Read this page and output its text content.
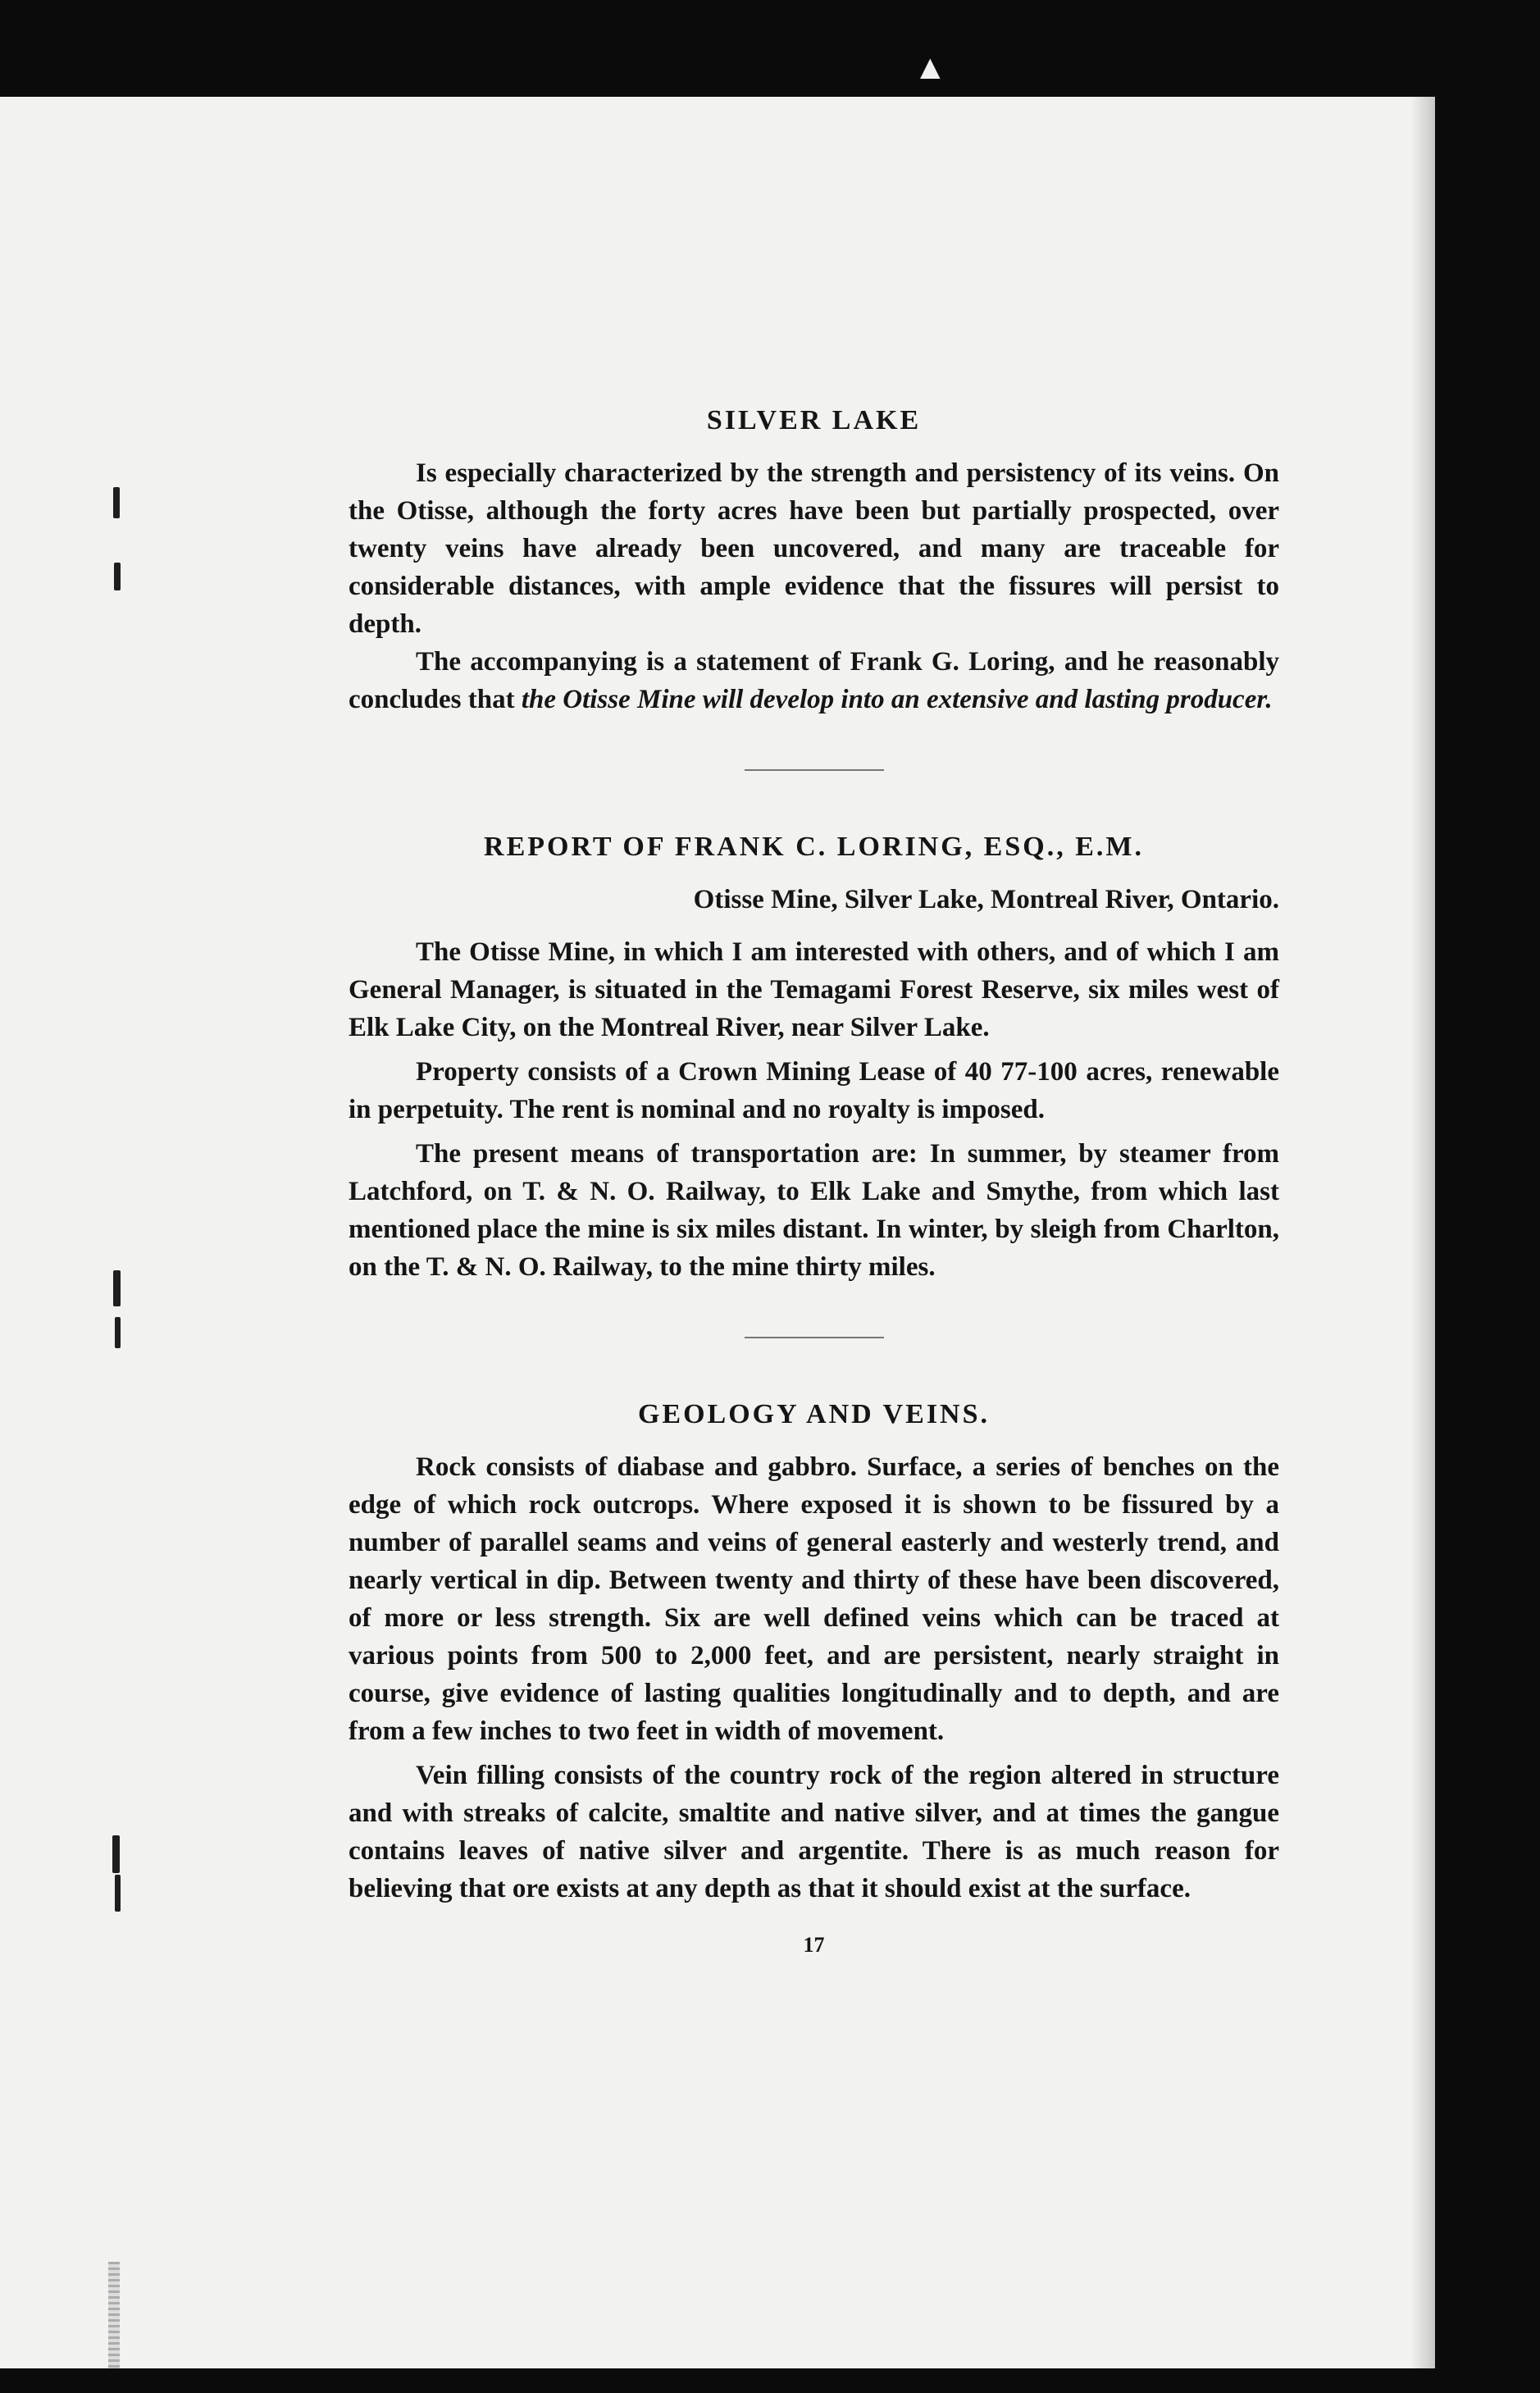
▲
SILVER LAKE

Is especially characterized by the strength and persistency of its veins. On the Otisse, although the forty acres have been but partially prospected, over twenty veins have already been uncovered, and many are traceable for considerable distances, with ample evidence that the fissures will persist to depth.

The accompanying is a statement of Frank G. Loring, and he reasonably concludes that the Otisse Mine will develop into an extensive and lasting producer.

REPORT OF FRANK C. LORING, ESQ., E.M.

Otisse Mine, Silver Lake, Montreal River, Ontario.

The Otisse Mine, in which I am interested with others, and of which I am General Manager, is situated in the Temagami Forest Reserve, six miles west of Elk Lake City, on the Montreal River, near Silver Lake.

Property consists of a Crown Mining Lease of 40 77-100 acres, renewable in perpetuity. The rent is nominal and no royalty is imposed.

The present means of transportation are: In summer, by steamer from Latchford, on T. & N. O. Railway, to Elk Lake and Smythe, from which last mentioned place the mine is six miles distant. In winter, by sleigh from Charlton, on the T. & N. O. Railway, to the mine thirty miles.

GEOLOGY AND VEINS.

Rock consists of diabase and gabbro. Surface, a series of benches on the edge of which rock outcrops. Where exposed it is shown to be fissured by a number of parallel seams and veins of general easterly and westerly trend, and nearly vertical in dip. Between twenty and thirty of these have been discovered, of more or less strength. Six are well defined veins which can be traced at various points from 500 to 2,000 feet, and are persistent, nearly straight in course, give evidence of lasting qualities longitudinally and to depth, and are from a few inches to two feet in width of movement.

Vein filling consists of the country rock of the region altered in structure and with streaks of calcite, smaltite and native silver, and at times the gangue contains leaves of native silver and argentite. There is as much reason for believing that ore exists at any depth as that it should exist at the surface.

17
